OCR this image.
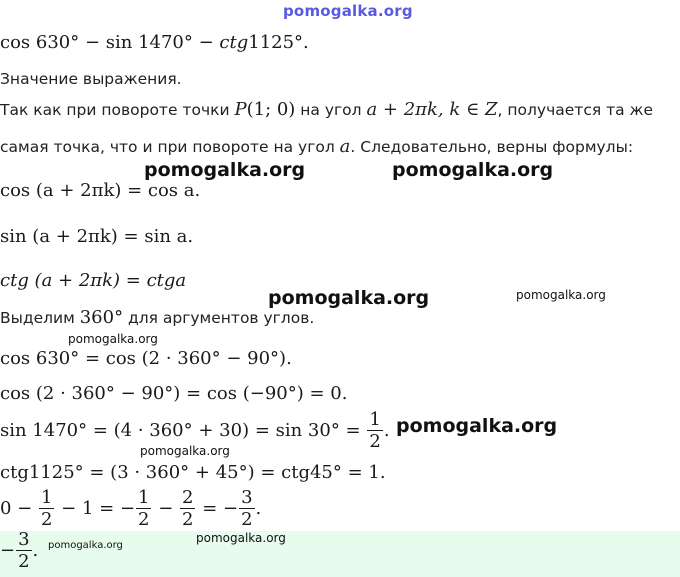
pomogalka.org
cos 630° − sin 1470° − ctg1125°.
Значение выражения.
Так как при повороте точки P(1; 0) на угол a + 2πk, k ∈ Z, получается та же
самая точка, что и при повороте на угол a. Следовательно, верны формулы:
cos (a + 2πk) = cos a.
sin (a + 2πk) = sin a.
ctg (a + 2πk) = ctga
Выделим 360° для аргументов углов.
cos 630° = cos (2 · 360° − 90°).
cos (2 · 360° − 90°) = cos (−90°) = 0.
$\sin 1470^\circ = (4 \cdot 360^\circ + 30) = \sin 30^\circ = \frac{1}{2}$ .
ctg1125° = (3 · 360° + 45°) = ctg45° = 1.
$0 - \frac{1}{2} - 1$ = − $\frac{1}{2} - \frac{2}{2}$ = − $\frac{3}{2}$ .
− $\frac{3}{2}$ .
pomogalka.org	pomogalka.org
pomogalka.org	pomogalka.org
pomogalka.org
pomogalka.org
pomogalka.org
pomogalka.org
pomogalka.org
